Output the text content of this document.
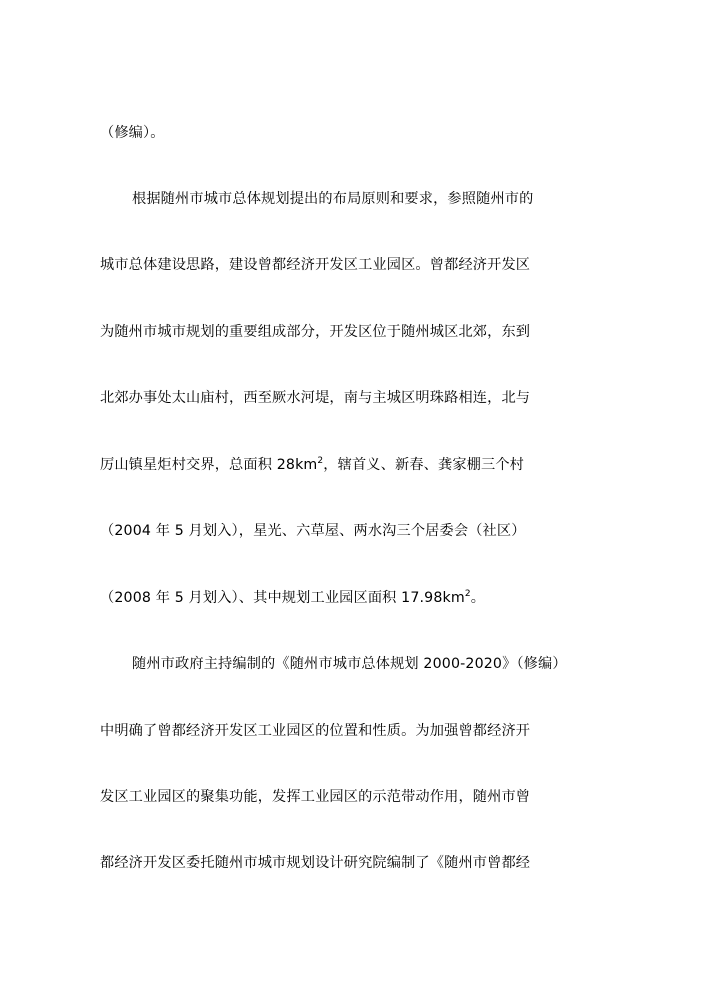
（修编）。
根据随州市城市总体规划提出的布局原则和要求，参照随州市的
城市总体建设思路，建设曾都经济开发区工业园区。曾都经济开发区
为随州市城市规划的重要组成部分，开发区位于随州城区北郊，东到
北郊办事处太山庙村，西至厥水河堤，南与主城区明珠路相连，北与
厉山镇星炬村交界，总面积 $28km^2$，辖首义、新春、龚家棚三个村
（2004 年 5 月划入），星光、六草屋、两水沟三个居委会（社区）
（2008 年 5 月划入）、其中规划工业园区面积 $17.98km^2$。
随州市政府主持编制的《随州市城市总体规划 2000-2020》（修编）
中明确了曾都经济开发区工业园区的位置和性质。为加强曾都经济开
发区工业园区的聚集功能，发挥工业园区的示范带动作用，随州市曾
都经济开发区委托随州市城市规划设计研究院编制了《随州市曾都经
